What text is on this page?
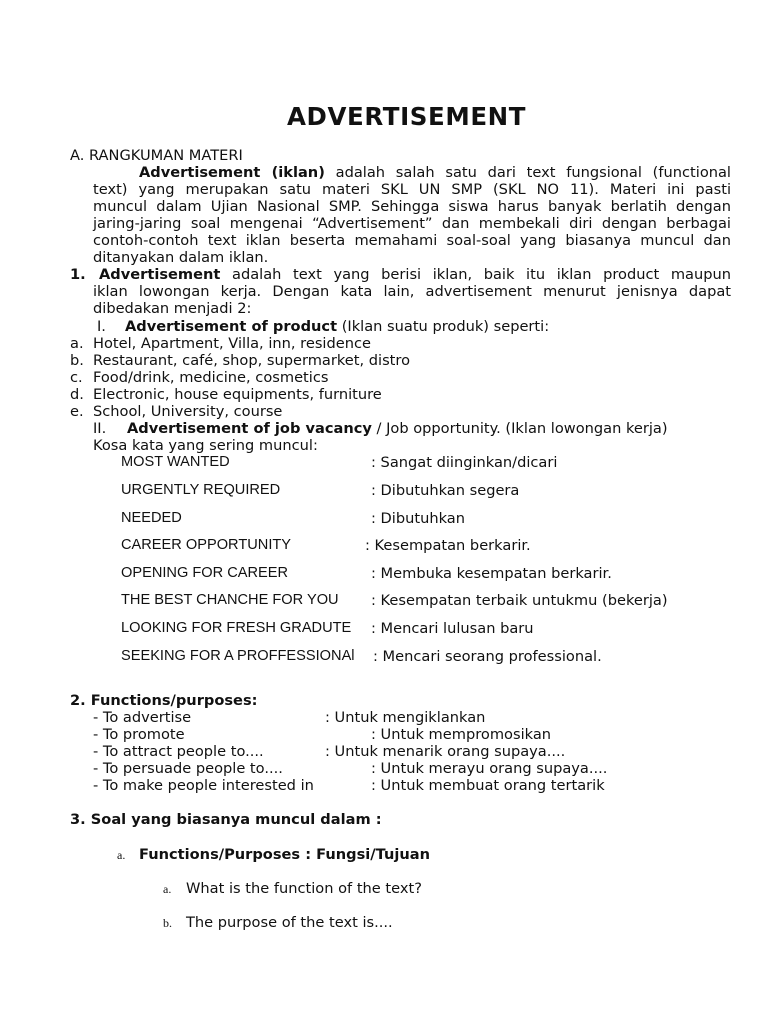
ADVERTISEMENT
A. RANGKUMAN MATERI
Advertisement (iklan) adalah salah satu dari text fungsional (functional
text) yang merupakan satu materi SKL UN SMP (SKL NO 11). Materi ini pasti
muncul dalam Ujian Nasional SMP. Sehingga siswa harus banyak berlatih dengan
jaring-jaring soal mengenai “Advertisement” dan membekali diri dengan berbagai
contoh-contoh text iklan beserta memahami soal-soal yang biasanya muncul dan
ditanyakan dalam iklan.
1. Advertisement adalah text yang berisi iklan, baik itu iklan product maupun
iklan lowongan kerja. Dengan kata lain, advertisement menurut jenisnya dapat
dibedakan menjadi 2:
I. Advertisement of product (Iklan suatu produk) seperti:
a. Hotel, Apartment, Villa, inn, residence
b. Restaurant, café, shop, supermarket, distro
c. Food/drink, medicine, cosmetics
d. Electronic, house equipments, furniture
e. School, University, course
II. Advertisement of job vacancy / Job opportunity. (Iklan lowongan kerja)
Kosa kata yang sering muncul:
MOST WANTED	: Sangat diinginkan/dicari
URGENTLY REQUIRED	: Dibutuhkan segera
NEEDED	: Dibutuhkan
CAREER OPPORTUNITY	: Kesempatan berkarir.
OPENING FOR CAREER	: Membuka kesempatan berkarir.
THE BEST CHANCHE FOR YOU : Kesempatan terbaik untukmu (bekerja)
LOOKING FOR FRESH GRADUTE : Mencari lulusan baru
SEEKING FOR A PROFFESSIONAl : Mencari seorang professional.
2. Functions/purposes:
- To advertise	: Untuk mengiklankan
- To promote	: Untuk mempromosikan
- To attract people to....	: Untuk menarik orang supaya....
- To persuade people to....	: Untuk merayu orang supaya....
- To make people interested in	: Untuk membuat orang tertarik
3. Soal yang biasanya muncul dalam :
a. Functions/Purposes : Fungsi/Tujuan
a. What is the function of the text?
b. The purpose of the text is....
